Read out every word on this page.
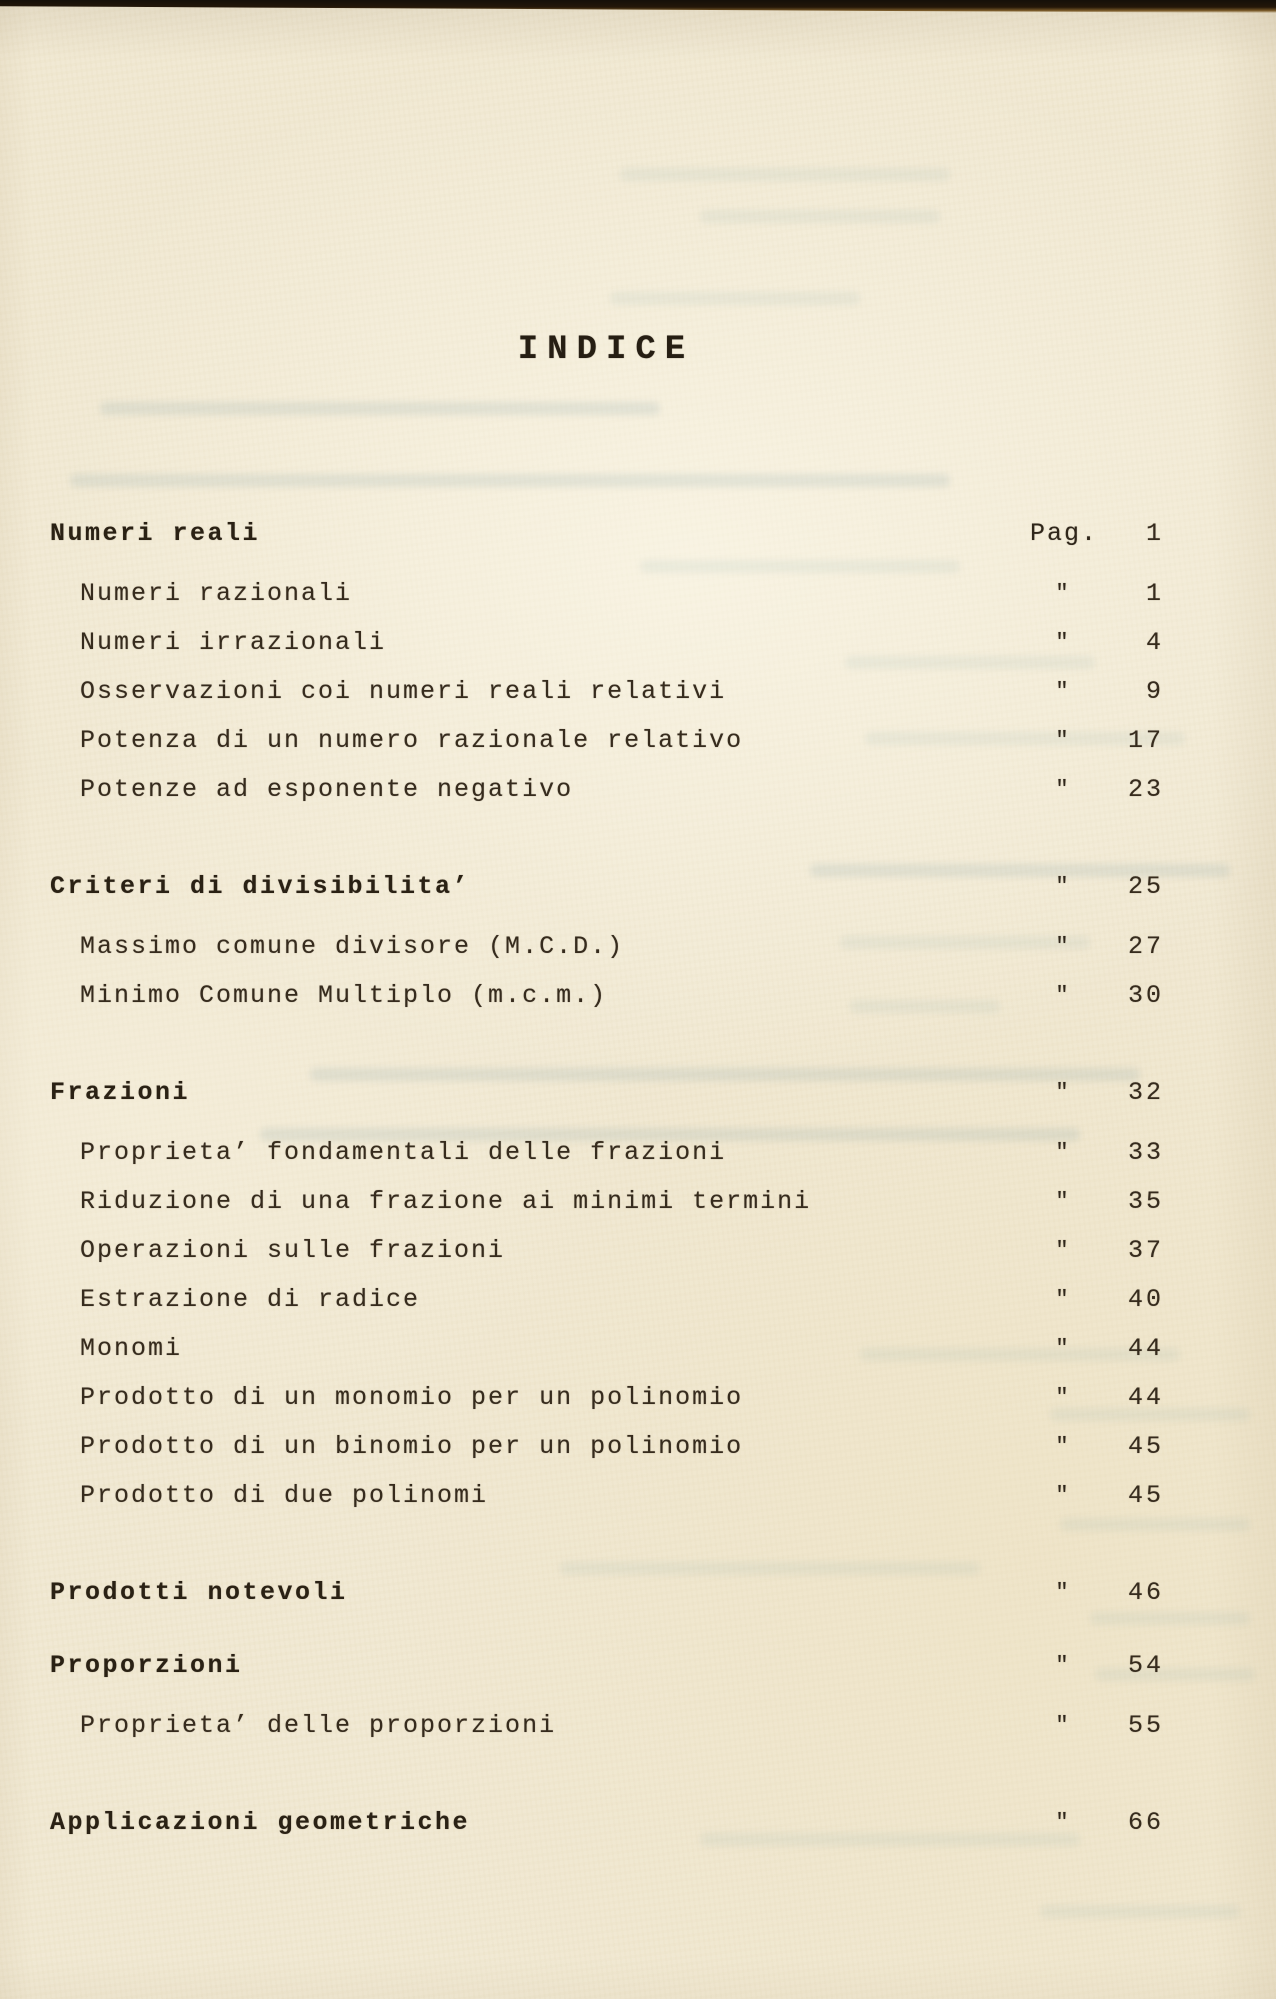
INDICE
Numeri reali	Pag.	1
Numeri razionali	"	1
Numeri irrazionali	"	4
Osservazioni coi numeri reali relativi	"	9
Potenza di un numero razionale relativo	"	17
Potenze ad esponente negativo	"	23
Criteri di divisibilita’	"	25
Massimo comune divisore (M.C.D.)	"	27
Minimo Comune Multiplo (m.c.m.)	"	30
Frazioni	"	32
Proprieta’ fondamentali delle frazioni	"	33
Riduzione di una frazione ai minimi termini	"	35
Operazioni sulle frazioni	"	37
Estrazione di radice	"	40
Monomi	"	44
Prodotto di un monomio per un polinomio	"	44
Prodotto di un binomio per un polinomio	"	45
Prodotto di due polinomi	"	45
Prodotti notevoli	"	46
Proporzioni	"	54
Proprieta’ delle proporzioni	"	55
Applicazioni geometriche	"	66
